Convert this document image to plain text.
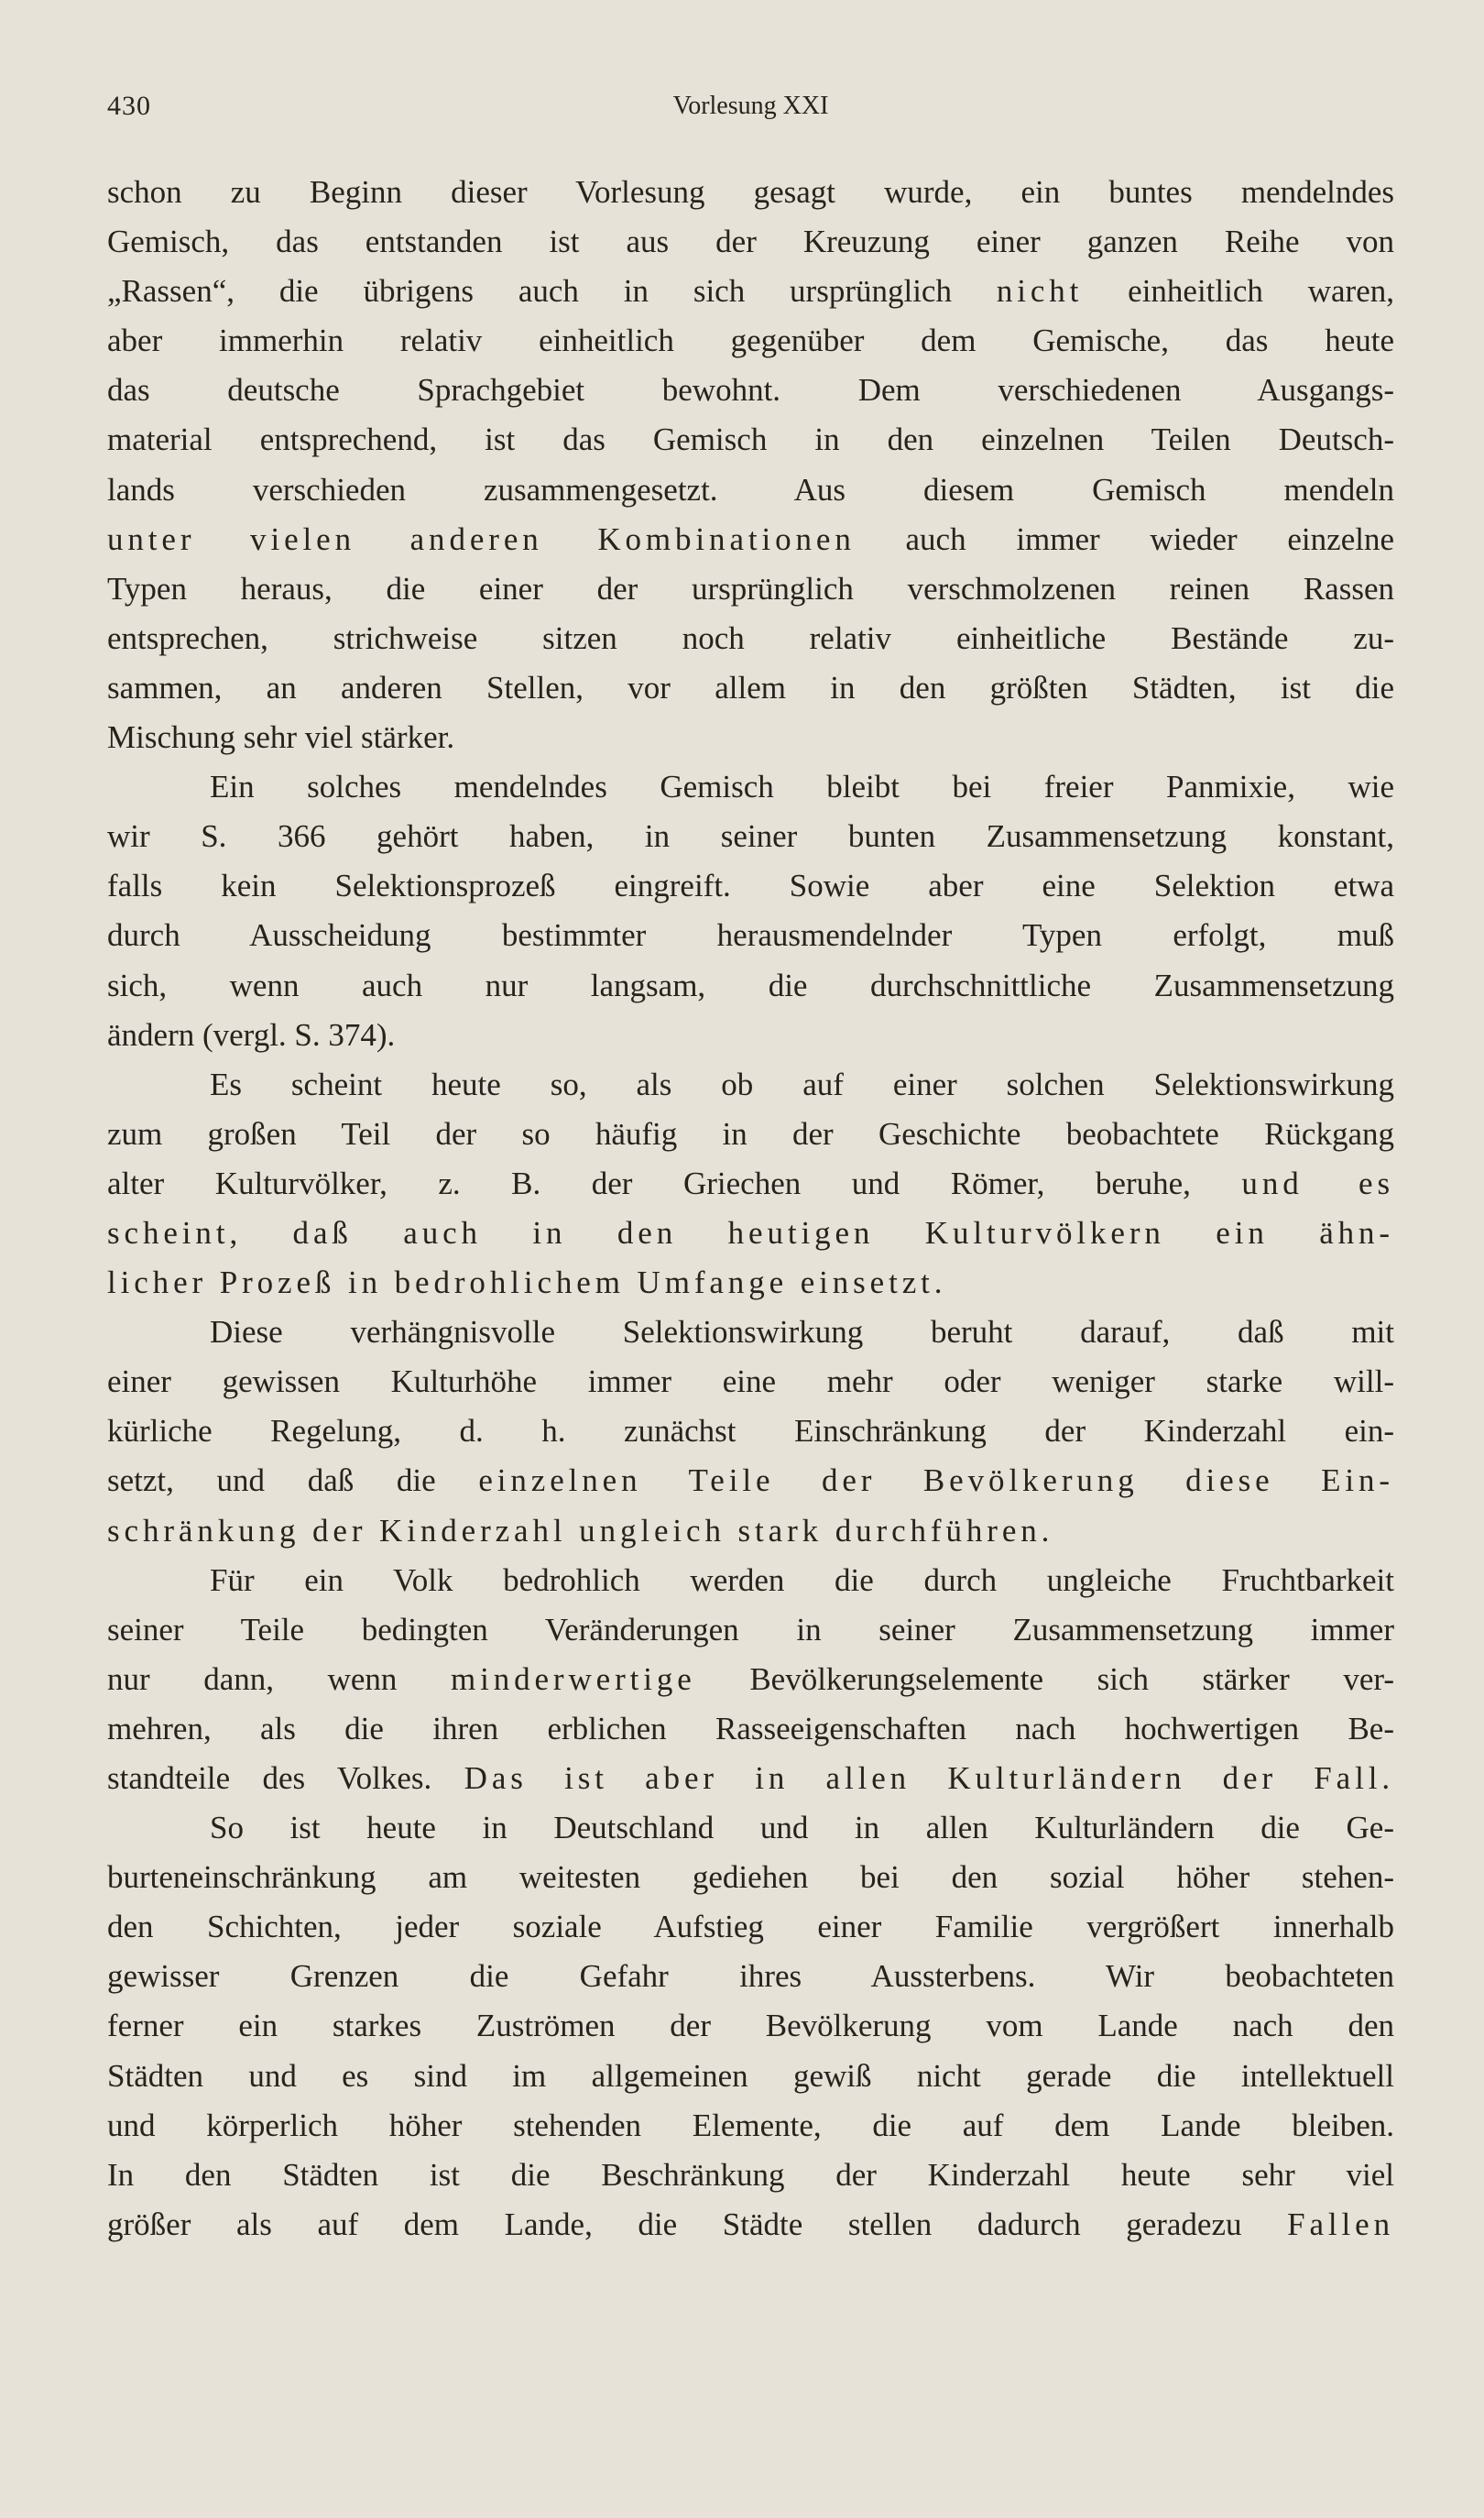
430	Vorlesung XXI
schon zu Beginn dieser Vorlesung gesagt wurde, ein buntes mendelndes
Gemisch, das entstanden ist aus der Kreuzung einer ganzen Reihe von
„Rassen“, die übrigens auch in sich ursprünglich nicht einheitlich waren,
aber immerhin relativ einheitlich gegenüber dem Gemische, das heute
das deutsche Sprachgebiet bewohnt. Dem verschiedenen Ausgangs-
material entsprechend, ist das Gemisch in den einzelnen Teilen Deutsch-
lands verschieden zusammengesetzt. Aus diesem Gemisch mendeln
unter vielen anderen Kombinationen auch immer wieder einzelne
Typen heraus, die einer der ursprünglich verschmolzenen reinen Rassen
entsprechen, strichweise sitzen noch relativ einheitliche Bestände zu-
sammen, an anderen Stellen, vor allem in den größten Städten, ist die
Mischung sehr viel stärker.
Ein solches mendelndes Gemisch bleibt bei freier Panmixie, wie
wir S. 366 gehört haben, in seiner bunten Zusammensetzung konstant,
falls kein Selektionsprozeß eingreift. Sowie aber eine Selektion etwa
durch Ausscheidung bestimmter herausmendelnder Typen erfolgt, muß
sich, wenn auch nur langsam, die durchschnittliche Zusammensetzung
ändern (vergl. S. 374).
Es scheint heute so, als ob auf einer solchen Selektionswirkung
zum großen Teil der so häufig in der Geschichte beobachtete Rückgang
alter Kulturvölker, z. B. der Griechen und Römer, beruhe, und es
scheint, daß auch in den heutigen Kulturvölkern ein ähn-
licher Prozeß in bedrohlichem Umfange einsetzt.
Diese verhängnisvolle Selektionswirkung beruht darauf, daß mit
einer gewissen Kulturhöhe immer eine mehr oder weniger starke will-
kürliche Regelung, d. h. zunächst Einschränkung der Kinderzahl ein-
setzt, und daß die einzelnen Teile der Bevölkerung diese Ein-
schränkung der Kinderzahl ungleich stark durchführen.
Für ein Volk bedrohlich werden die durch ungleiche Fruchtbarkeit
seiner Teile bedingten Veränderungen in seiner Zusammensetzung immer
nur dann, wenn minderwertige Bevölkerungselemente sich stärker ver-
mehren, als die ihren erblichen Rasseeigenschaften nach hochwertigen Be-
standteile des Volkes. Das ist aber in allen Kulturländern der Fall.
So ist heute in Deutschland und in allen Kulturländern die Ge-
burteneinschränkung am weitesten gediehen bei den sozial höher stehen-
den Schichten, jeder soziale Aufstieg einer Familie vergrößert innerhalb
gewisser Grenzen die Gefahr ihres Aussterbens. Wir beobachteten
ferner ein starkes Zuströmen der Bevölkerung vom Lande nach den
Städten und es sind im allgemeinen gewiß nicht gerade die intellektuell
und körperlich höher stehenden Elemente, die auf dem Lande bleiben.
In den Städten ist die Beschränkung der Kinderzahl heute sehr viel
größer als auf dem Lande, die Städte stellen dadurch geradezu Fallen
